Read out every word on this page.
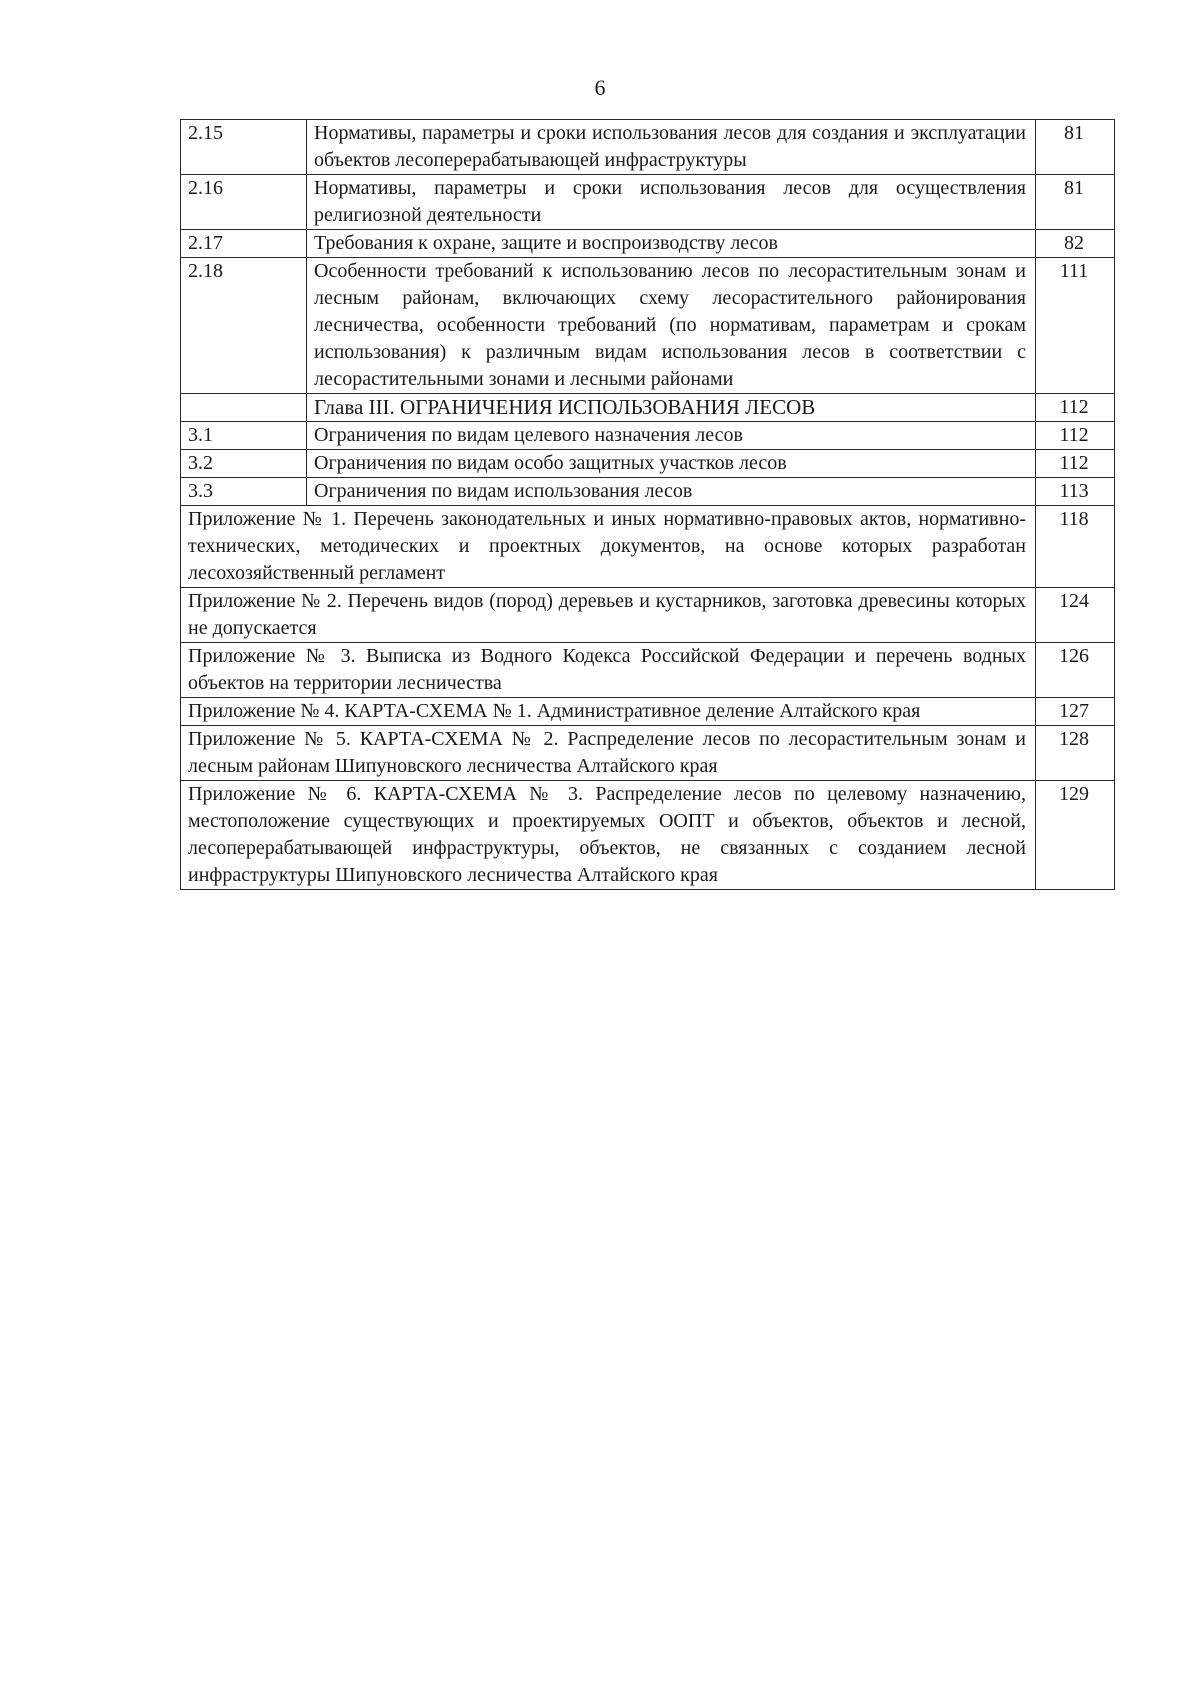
6
2.15	Нормативы, параметры и сроки использования лесов для создания и эксплуатации объектов лесоперерабатывающей инфраструктуры	81
2.16	Нормативы, параметры и сроки использования лесов для осуществления религиозной деятельности	81
2.17	Требования к охране, защите и воспроизводству лесов	82
2.18	Особенности требований к использованию лесов по лесорастительным зонам и лесным районам, включающих схему лесорастительного районирования лесничества, особенности требований (по нормативам, параметрам и срокам использования) к различным видам использования лесов в соответствии с лесорастительными зонами и лесными районами	111
	Глава III. ОГРАНИЧЕНИЯ ИСПОЛЬЗОВАНИЯ ЛЕСОВ	112
3.1	Ограничения по видам целевого назначения лесов	112
3.2	Ограничения по видам особо защитных участков лесов	112
3.3	Ограничения по видам использования лесов	113
Приложение № 1. Перечень законодательных и иных нормативно-правовых актов, нормативно-технических, методических и проектных документов, на основе которых разработан лесохозяйственный регламент		118
Приложение № 2. Перечень видов (пород) деревьев и кустарников, заготовка древесины которых не допускается		124
Приложение № 3. Выписка из Водного Кодекса Российской Федерации и перечень водных объектов на территории лесничества		126
Приложение № 4. КАРТА-СХЕМА № 1. Административное деление Алтайского края		127
Приложение № 5. КАРТА-СХЕМА № 2. Распределение лесов по лесорастительным зонам и лесным районам Шипуновского лесничества Алтайского края		128
Приложение № 6. КАРТА-СХЕМА № 3. Распределение лесов по целевому назначению, местоположение существующих и проектируемых ООПТ и объектов, объектов и лесной, лесоперерабатывающей инфраструктуры, объектов, не связанных с созданием лесной инфраструктуры Шипуновского лесничества Алтайского края		129
